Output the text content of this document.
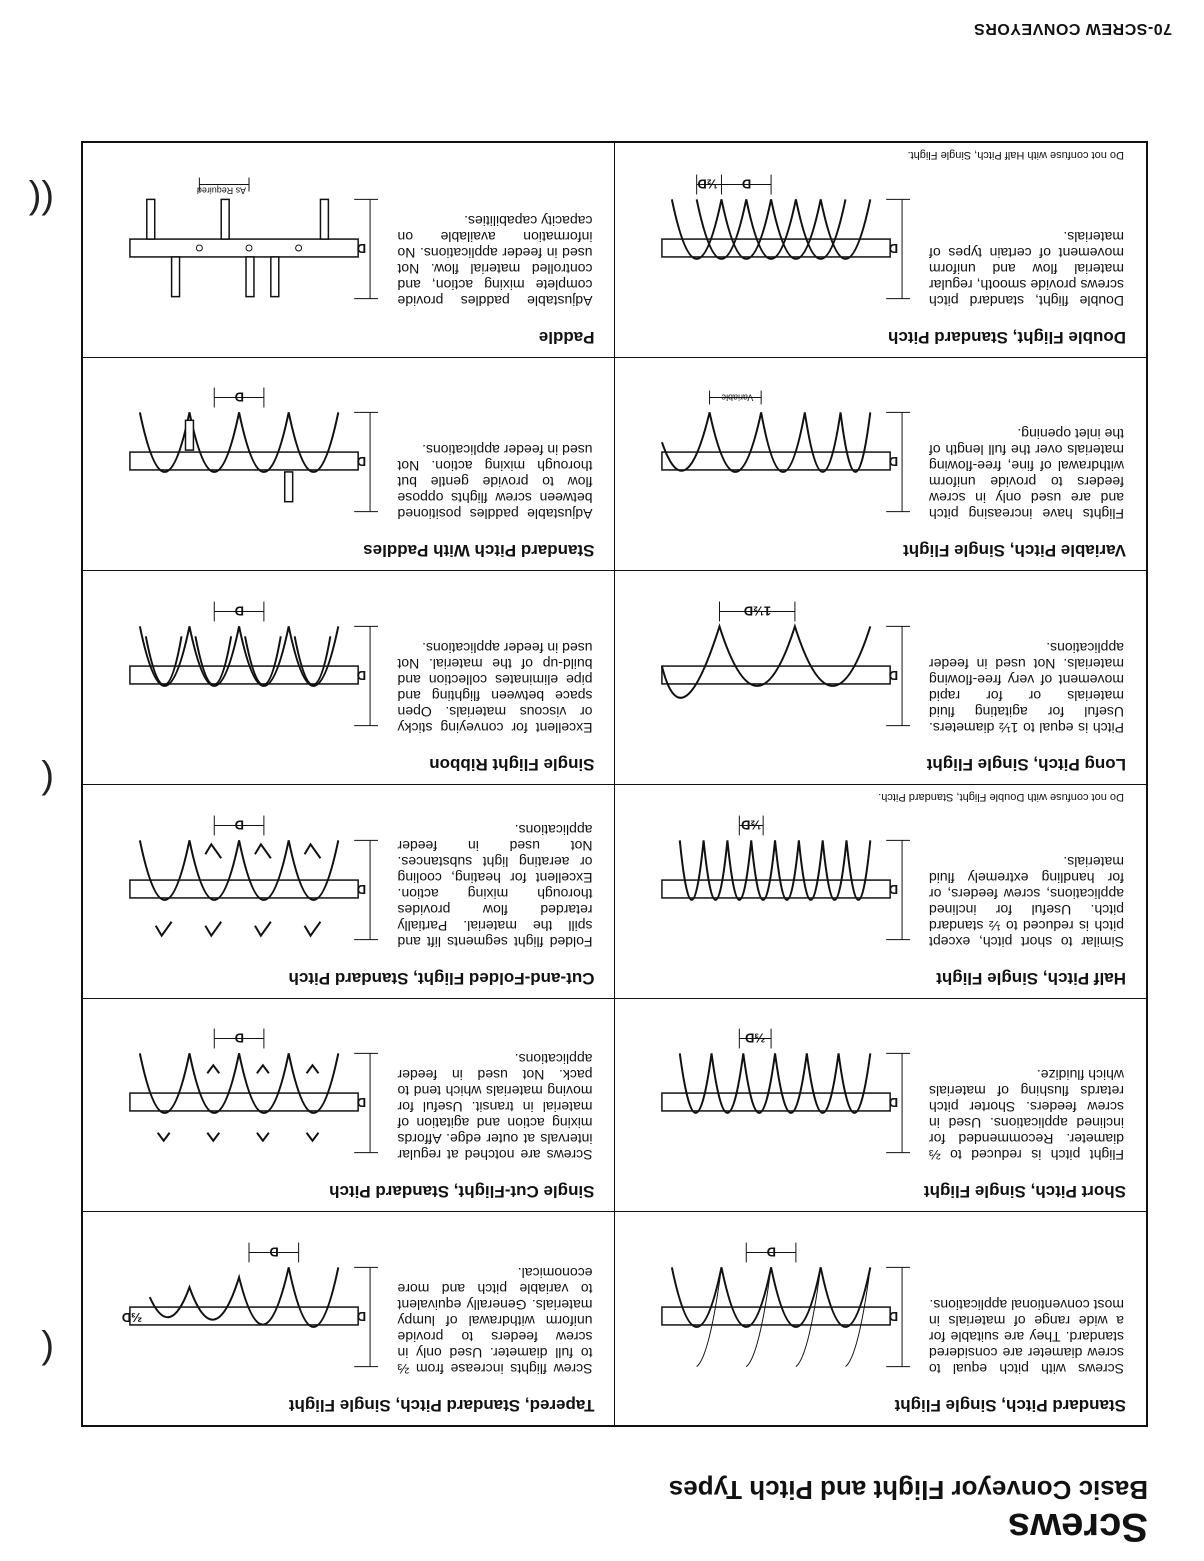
70-SCREW CONVEYORS
Screws
Basic Conveyor Flight and Pitch Types
Standard Pitch, Single Flight
Screws with pitch equal to screw diameter are considered standard. They are suitable for a wide range of materials in most conventional applications.
D
D
Tapered, Standard Pitch, Single Flight
Screw flights increase from ⅔ to full diameter. Used only in screw feeders to provide uniform withdrawal of lumpy materials. Generally equivalent to variable pitch and more economical.
D
⅔D
D
Short Pitch, Single Flight
Flight pitch is reduced to ⅔ diameter. Recommended for inclined applications. Used in screw feeders. Shorter pitch retards flushing of materials which fluidize.
D
⅔D
Single Cut-Flight, Standard Pitch
Screws are notched at regular intervals at outer edge. Affords mixing action and agitation of material in transit. Useful for moving materials which tend to pack. Not used in feeder applications.
D
D
Half Pitch, Single Flight
Similar to short pitch, except pitch is reduced to ½ standard pitch. Useful for inclined applications, screw feeders, or for handling extremely fluid materials.
D
½D
Do not confuse with Double Flight, Standard Pitch.
Cut-and-Folded Flight, Standard Pitch
Folded flight segments lift and spill the material. Partially retarded flow provides thorough mixing action. Excellent for heating, cooling or aerating light substances. Not used in feeder applications.
D
D
Long Pitch, Single Flight
Pitch is equal to 1½ diameters. Useful for agitating fluid materials or for rapid movement of very free-flowing materials. Not used in feeder applications.
D
1½D
Single Flight Ribbon
Excellent for conveying sticky or viscous materials. Open space between flighting and pipe eliminates collection and build-up of the material. Not used in feeder applications.
D
D
Variable Pitch, Single Flight
Flights have increasing pitch and are used only in screw feeders to provide uniform withdrawal of fine, free-flowing materials over the full length of the inlet opening.
D
Variable
Standard Pitch With Paddles
Adjustable paddles positioned between screw flights oppose flow to provide gentle but thorough mixing action. Not used in feeder applications.
D
D
Double Flight, Standard Pitch
Double flight, standard pitch screws provide smooth, regular material flow and uniform movement of certain types of materials.
D
D
½D
Do not confuse with Half Pitch, Single Flight.
Paddle
Adjustable paddles provide complete mixing action, and controlled material flow. Not used in feeder applications. No information available on capacity capabilities.
D
As Required
(
(
((
